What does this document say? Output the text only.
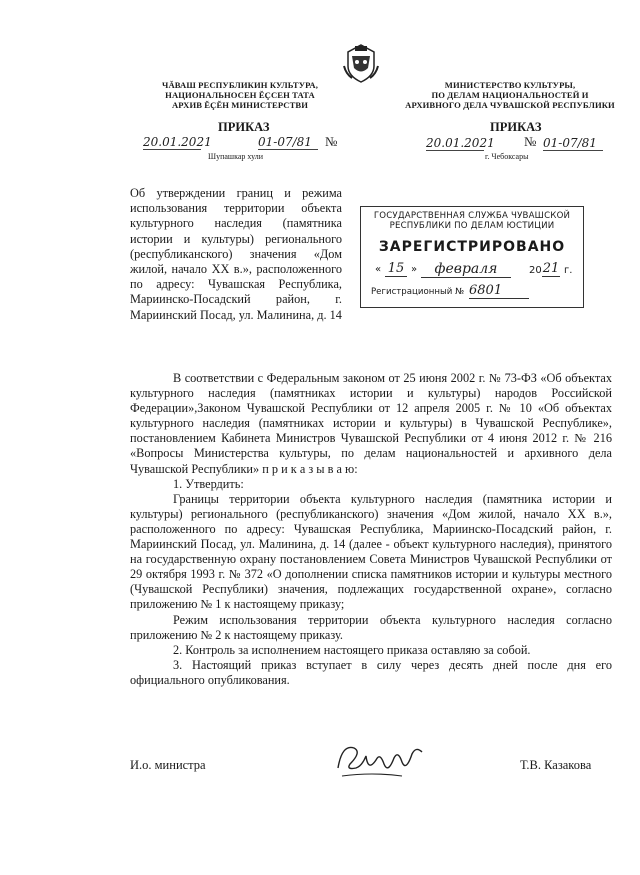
ЧĂВАШ РЕСПУБЛИКИН КУЛЬТУРА,
НАЦИОНАЛЬНОСЕН ĔҪСЕН ТАТА
АРХИВ ĔҪĔН МИНИСТЕРСТВИ
ПРИКАЗ
20.01.2021	01-07/81	№
Шупашкар хули
МИНИСТЕРСТВО КУЛЬТУРЫ,
ПО ДЕЛАМ НАЦИОНАЛЬНОСТЕЙ И
АРХИВНОГО ДЕЛА ЧУВАШСКОЙ РЕСПУБЛИКИ
ПРИКАЗ
20.01.2021 № 01-07/81
г. Чебоксары
Об утверждении границ и режима использования территории объекта культурного наследия (памятника истории и культуры) регионального (республиканского) значения «Дом жилой, начало ХХ в.», расположенного по адресу: Чувашская Республика, Мариинско-Посадский район, г. Мариинский Посад, ул. Малинина, д. 14
ГОСУДАРСТВЕННАЯ СЛУЖБА ЧУВАШСКОЙ
РЕСПУБЛИКИ ПО ДЕЛАМ ЮСТИЦИИ
ЗАРЕГИСТРИРОВАНО
« 15 »	февраля	20 21 г.
Регистрационный № 6801

В соответствии с Федеральным законом от 25 июня 2002 г. № 73-ФЗ «Об объектах культурного наследия (памятниках истории и культуры) народов Российской Федерации»,Законом Чувашской Республики от 12 апреля 2005 г. № 10 «Об объектах культурного наследия (памятниках истории и культуры) в Чувашской Республике», постановлением Кабинета Министров Чувашской Республики от 4 июня 2012 г. № 216 «Вопросы Министерства культуры, по делам национальностей и архивного дела Чувашской Республики» п р и к а з ы в а ю:

1. Утвердить:

Границы территории объекта культурного наследия (памятника истории и культуры) регионального (республиканского) значения «Дом жилой, начало ХХ в.», расположенного по адресу: Чувашская Республика, Мариинско-Посадский район, г. Мариинский Посад, ул. Малинина, д. 14 (далее - объект культурного наследия), принятого на государственную охрану постановлением Совета Министров Чувашской Республики от 29 октября 1993 г. № 372 «О дополнении списка памятников истории и культуры местного (Чувашской Республики) значения, подлежащих государственной охране», согласно приложению № 1 к настоящему приказу;

Режим использования территории объекта культурного наследия согласно приложению № 2 к настоящему приказу.

2. Контроль за исполнением настоящего приказа оставляю за собой.

3. Настоящий приказ вступает в силу через десять дней после дня его официального опубликования.

И.о. министра	Т.В. Казакова
